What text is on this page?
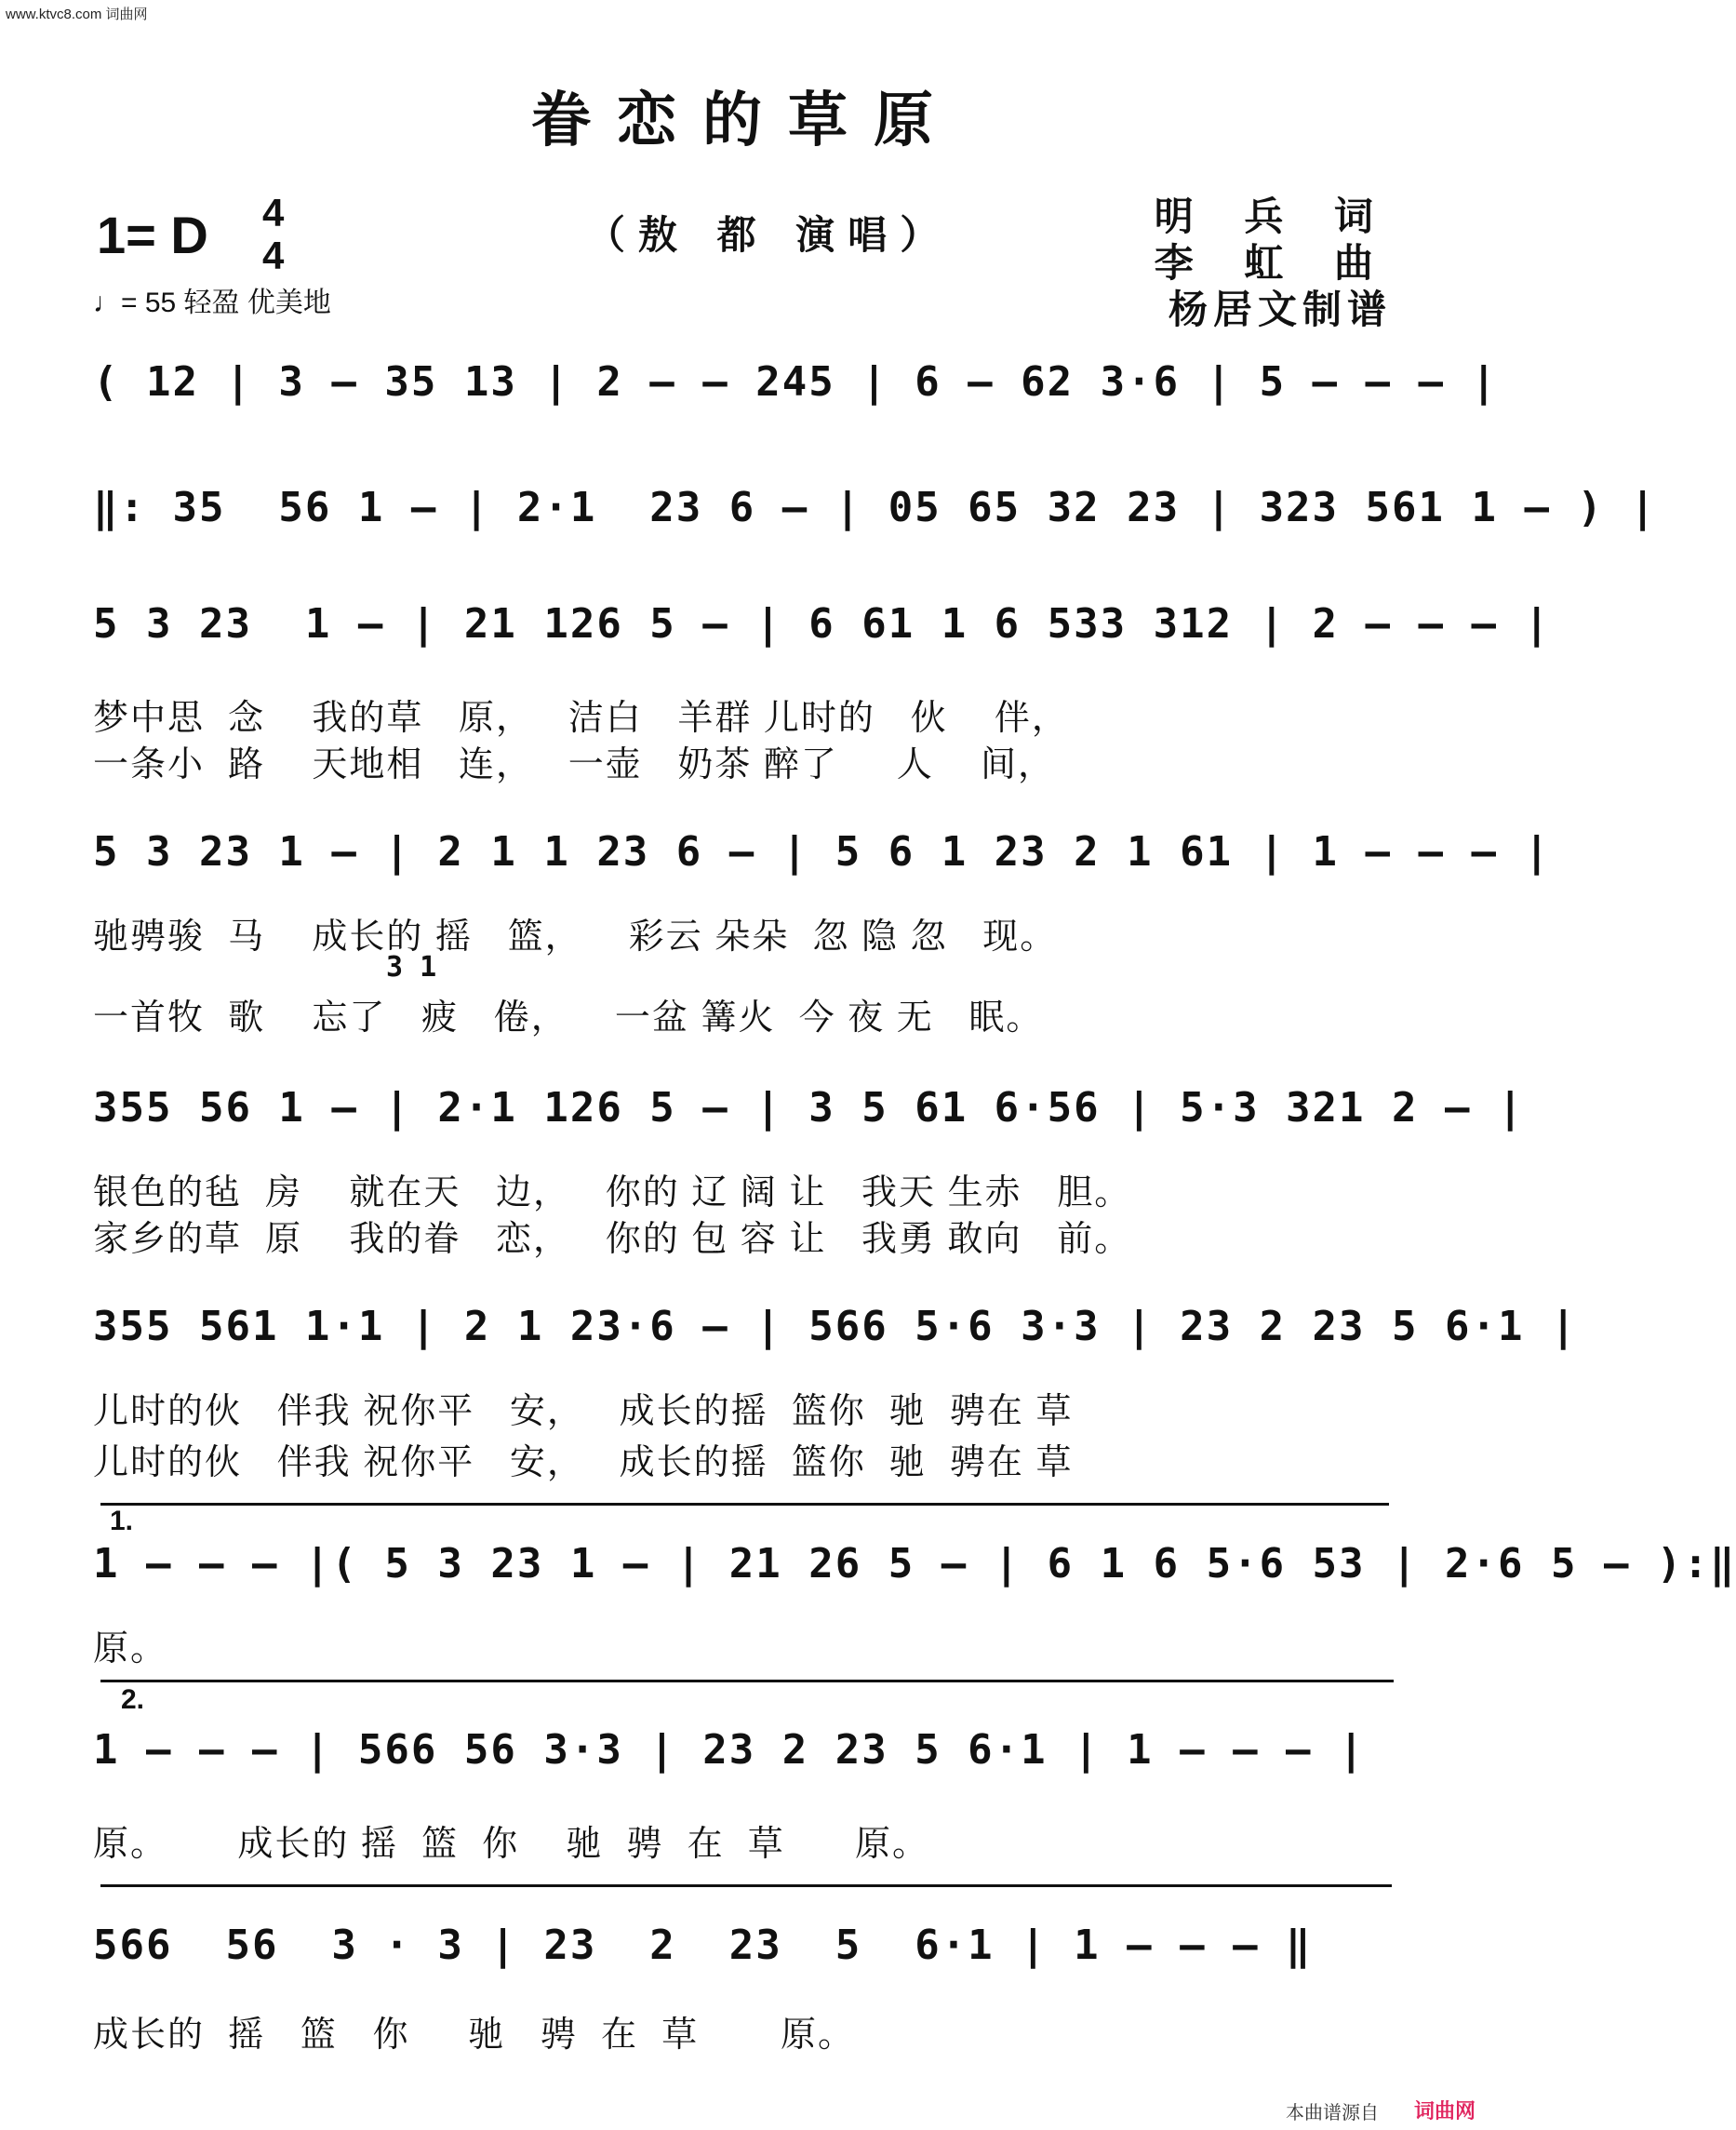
www.ktvc8.com 词曲网
眷恋的草原
1= D 4
4
♩= 55 轻盈 优美地
（敖 都 演唱）	明 兵 词
李 虹 曲
杨居文制谱
( 12 | 3 – 35 13 | 2 – – 245 | 6 – 62 3·6 | 5 – – – |
‖: 35  56 1 – | 2·1  23 6 – | 05 65 32 23 | 323 561 1 – ) |
5 3 23  1 – | 21 126 5 – | 6 61 1 6 533 312 | 2 – – – |
梦中思  念    我的草   原，   洁白   羊群 儿时的   伙    伴，
一条小  路    天地相   连，   一壶   奶茶 醉了     人    间，
5 3 23 1 – | 2 1 1 23 6 – | 5 6 1 23 2 1 61 | 1 – – – |
驰骋骏  马    成长的 摇   篮，    彩云 朵朵  忽 隐 忽   现。
3 1
一首牧  歌    忘了   疲   倦，    一盆 篝火  今 夜 无   眠。
355 56 1 – | 2·1 126 5 – | 3 5 61 6·56 | 5·3 321 2 – |
银色的毡  房    就在天   边，   你的 辽 阔 让   我天 生赤   胆。
家乡的草  原    我的眷   恋，   你的 包 容 让   我勇 敢向   前。
355 561 1·1 | 2 1 23·6 – | 566 5·6 3·3 | 23 2 23 5 6·1 |
儿时的伙   伴我 祝你平   安，   成长的摇  篮你  驰  骋在 草
儿时的伙   伴我 祝你平   安，   成长的摇  篮你  驰  骋在 草
1.
1 – – – |( 5 3 23 1 – | 21 26 5 – | 6 1 6 5·6 53 | 2·6 5 – ):‖
原。
2.
1 – – – | 566 56 3·3 | 23 2 23 5 6·1 | 1 – – – |
原。      成长的 摇  篮  你    驰  骋  在  草      原。
566  56  3 · 3 | 23  2  23  5  6·1 | 1 – – – ‖
成长的  摇   篮   你     驰   骋  在  草       原。
本曲谱源自 词曲网
